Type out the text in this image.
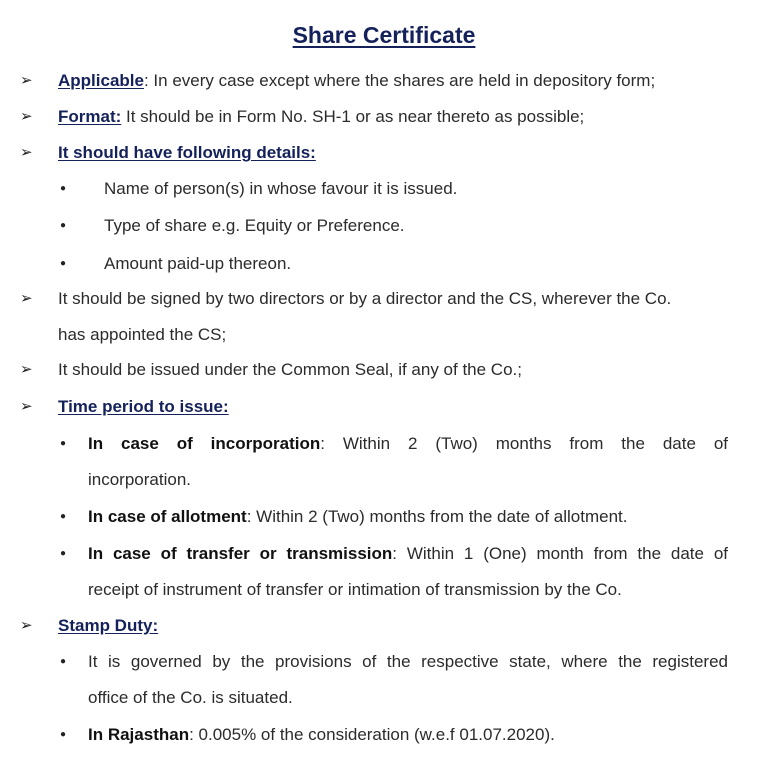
Share Certificate
➢ Applicable: In every case except where the shares are held in depository form;
➢ Format: It should be in Form No. SH-1 or as near thereto as possible;
➢ It should have following details:
● Name of person(s) in whose favour it is issued.
● Type of share e.g. Equity or Preference.
● Amount paid-up thereon.
➢ It should be signed by two directors or by a director and the CS, wherever the Co.
has appointed the CS;
➢ It should be issued under the Common Seal, if any of the Co.;
➢ Time period to issue:
● In case of incorporation: Within 2 (Two) months from the date of
incorporation.
● In case of allotment: Within 2 (Two) months from the date of allotment.
● In case of transfer or transmission: Within 1 (One) month from the date of
receipt of instrument of transfer or intimation of transmission by the Co.
➢ Stamp Duty:
● It is governed by the provisions of the respective state, where the registered
office of the Co. is situated.
● In Rajasthan: 0.005% of the consideration (w.e.f 01.07.2020).
